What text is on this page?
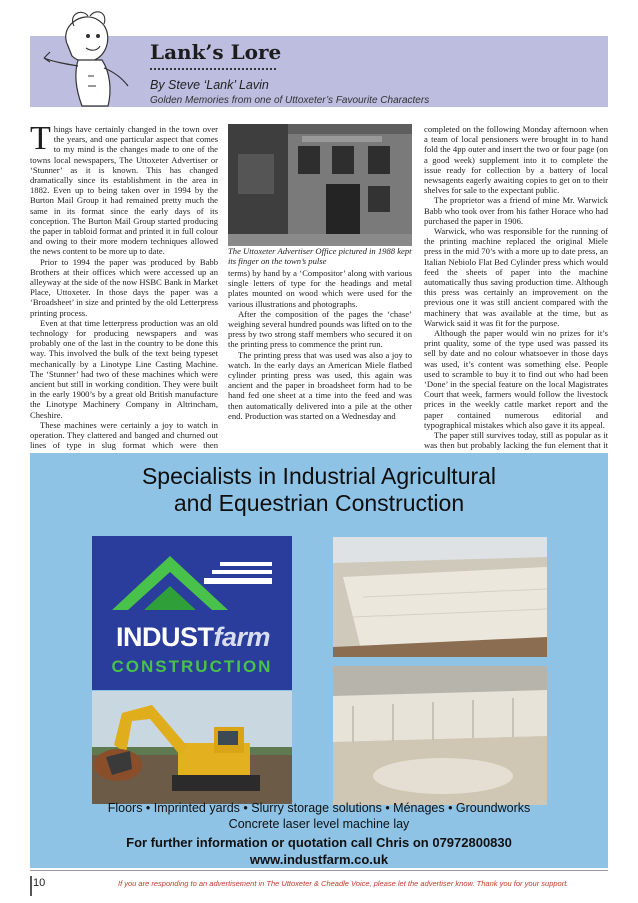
Lank’s Lore
By Steve ‘Lank’ Lavin
Golden Memories from one of Uttoxeter’s Favourite Characters

Things have certainly changed in the town over the years, and one particular aspect that comes to my mind is the changes made to one of the towns local newspapers, The Uttoxeter Advertiser or ‘Stunner’ as it is known. This has changed dramatically since its establishment in the area in 1882. Even up to being taken over in 1994 by the Burton Mail Group it had remained pretty much the same in its format since the early days of its conception. The Burton Mail Group started producing the paper in tabloid format and printed it in full colour and owing to their more modern techniques allowed the news content to be more up to date.

Prior to 1994 the paper was produced by Babb Brothers at their offices which were accessed up an alleyway at the side of the now HSBC Bank in Market Place, Uttoxeter. In those days the paper was a ‘Broadsheet’ in size and printed by the old Letterpress printing process.

Even at that time letterpress production was an old technology for producing newspapers and was probably one of the last in the country to be done this way. This involved the bulk of the text being typeset mechanically by a Linotype Line Casting Machine. The ‘Stunner’ had two of these machines which were ancient but still in working condition. They were built in the early 1900’s by a great old British manufacture the Linotype Machinery Company in Altrincham, Cheshire.

These machines were certainly a joy to watch in operation. They clattered and banged and churned out lines of type in slug format which were then

The Uttoxeter Advertiser Office pictured in 1988 kept its finger on the town’s pulse

terms) by hand by a ‘Compositor’ along with various single letters of type for the headings and metal plates mounted on wood which were used for the various illustrations and photographs.

After the composition of the pages the ‘chase’ weighing several hundred pounds was lifted on to the press by two strong staff members who secured it on the printing press to commence the print run.

The printing press that was used was also a joy to watch. In the early days an American Miele flatbed cylinder printing press was used, this again was ancient and the paper in broadsheet form had to be hand fed one sheet at a time into the feed and was then automatically delivered into a pile at the other end. Production was started on a Wednesday and

completed on the following Monday afternoon when a team of local pensioners were brought in to hand fold the 4pp outer and insert the two or four page (on a good week) supplement into it to complete the issue ready for collection by a battery of local newsagents eagerly awaiting copies to get on to their shelves for sale to the expectant public.

The proprietor was a friend of mine Mr. Warwick Babb who took over from his father Horace who had purchased the paper in 1906.

Warwick, who was responsible for the running of the printing machine replaced the original Miele press in the mid 70’s with a more up to date press, an Italian Nebiolo Flat Bed Cylinder press which would feed the sheets of paper into the machine automatically thus saving production time. Although this press was certainly an improvement on the previous one it was still ancient compared with the machinery that was available at the time, but as Warwick said it was fit for the purpose.

Although the paper would win no prizes for it’s print quality, some of the type used was passed its sell by date and no colour whatsoever in those days was used, it’s content was something else. People used to scramble to buy it to find out who had been ‘Done’ in the special feature on the local Magistrates Court that week, farmers would follow the livestock prices in the weekly cattle market report and the paper contained numerous editorial and typographical mistakes which also gave it its appeal.

The paper still survives today, still as popular as it was then but probably lacking the fun element that it

Specialists in Industrial Agricultural
and Equestrian Construction
INDUSTfarm
CONSTRUCTION
Floors • Imprinted yards • Slurry storage solutions • Ménages • Groundworks
Concrete laser level machine lay
For further information or quotation call Chris on 07972800830
www.industfarm.co.uk
10	If you are responding to an advertisement in The Uttoxeter & Cheadle Voice, please let the advertiser know. Thank you for your support.
